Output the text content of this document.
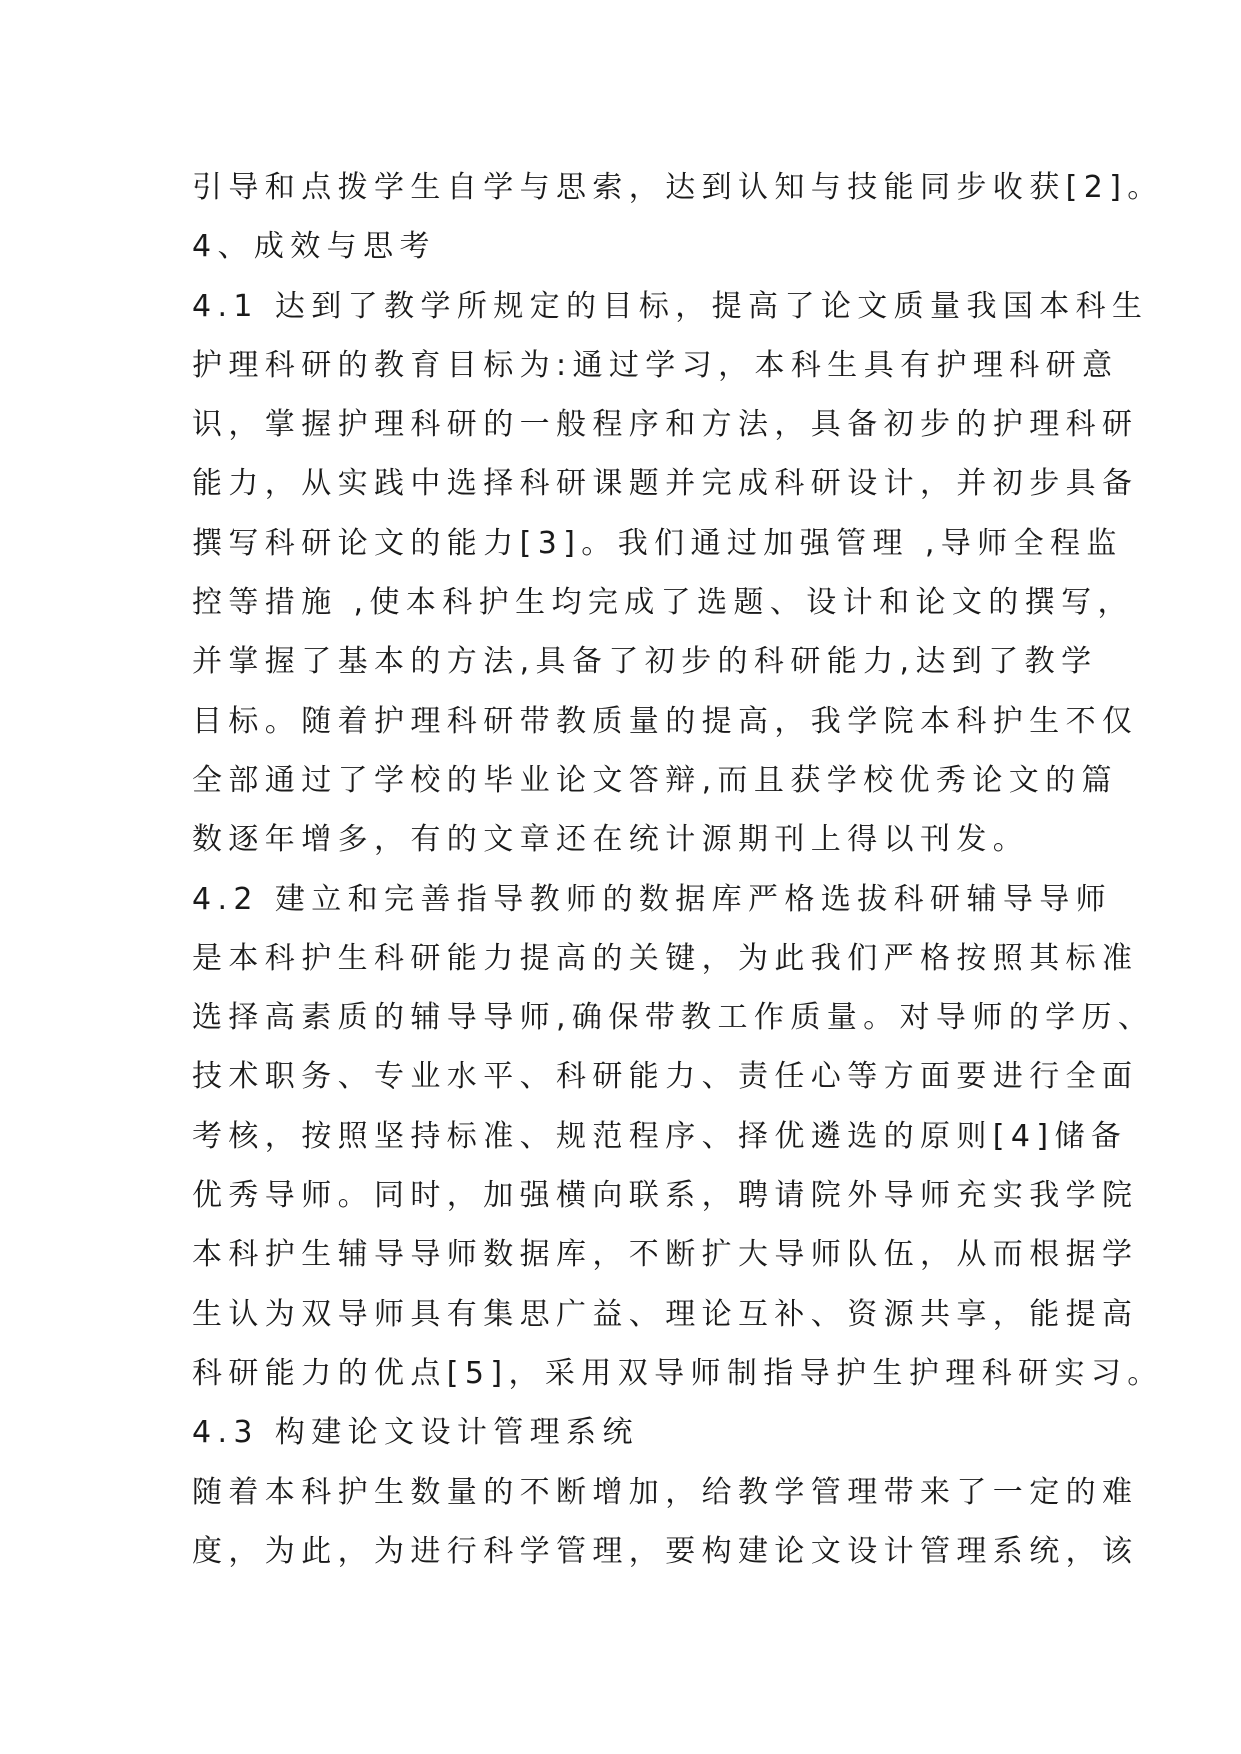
引导和点拨学生自学与思索，达到认知与技能同步收获[2]。
4、成效与思考
4.1 达到了教学所规定的目标，提高了论文质量我国本科生
护理科研的教育目标为:通过学习，本科生具有护理科研意
识，掌握护理科研的一般程序和方法，具备初步的护理科研
能力，从实践中选择科研课题并完成科研设计，并初步具备
撰写科研论文的能力[3]。我们通过加强管理 ,导师全程监
控等措施 ,使本科护生均完成了选题、设计和论文的撰写，
并掌握了基本的方法,具备了初步的科研能力,达到了教学
目标。随着护理科研带教质量的提高，我学院本科护生不仅
全部通过了学校的毕业论文答辩,而且获学校优秀论文的篇
数逐年增多，有的文章还在统计源期刊上得以刊发。
4.2 建立和完善指导教师的数据库严格选拔科研辅导导师
是本科护生科研能力提高的关键，为此我们严格按照其标准
选择高素质的辅导导师,确保带教工作质量。对导师的学历、
技术职务、专业水平、科研能力、责任心等方面要进行全面
考核，按照坚持标准、规范程序、择优遴选的原则[4]储备
优秀导师。同时，加强横向联系，聘请院外导师充实我学院
本科护生辅导导师数据库，不断扩大导师队伍，从而根据学
生认为双导师具有集思广益、理论互补、资源共享，能提高
科研能力的优点[5]，采用双导师制指导护生护理科研实习。
4.3 构建论文设计管理系统
随着本科护生数量的不断增加，给教学管理带来了一定的难
度，为此，为进行科学管理，要构建论文设计管理系统，该
